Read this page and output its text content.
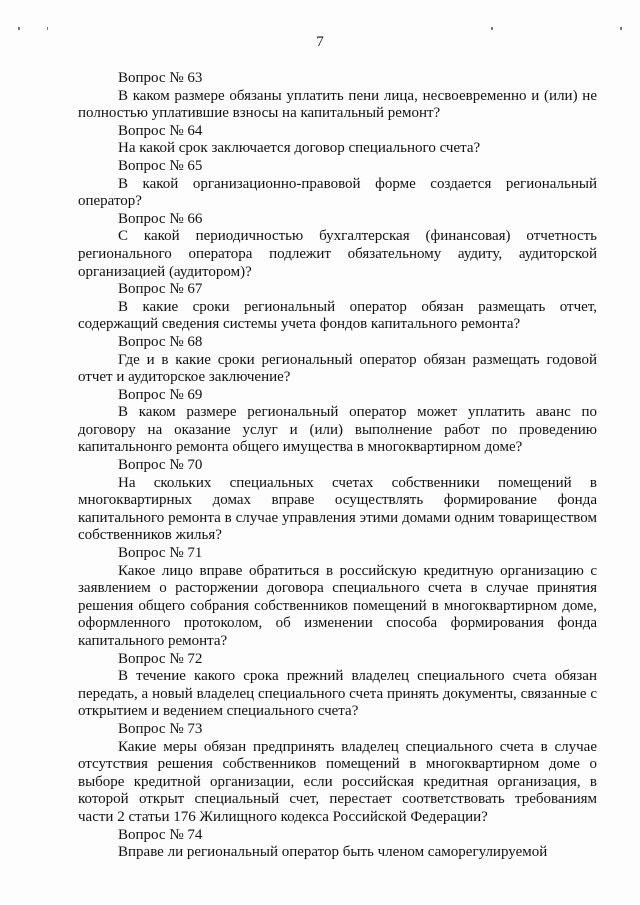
7

Вопрос № 63

В каком размере обязаны уплатить пени лица, несвоевременно и (или) не полностью уплатившие взносы на капитальный ремонт?

Вопрос № 64

На какой срок заключается договор специального счета?

Вопрос № 65

В какой организационно-правовой форме создается региональный оператор?

Вопрос № 66

С какой периодичностью бухгалтерская (финансовая) отчетность регионального оператора подлежит обязательному аудиту, аудиторской организацией (аудитором)?

Вопрос № 67

В какие сроки региональный оператор обязан размещать отчет, содержащий сведения системы учета фондов капитального ремонта?

Вопрос № 68

Где и в какие сроки региональный оператор обязан размещать годовой отчет и аудиторское заключение?

Вопрос № 69

В каком размере региональный оператор может уплатить аванс по договору на оказание услуг и (или) выполнение работ по проведению капитальнонго ремонта общего имущества в многоквартирном доме?

Вопрос № 70

На скольких специальных счетах собственники помещений в многоквартирных домах вправе осуществлять формирование фонда капитального ремонта в случае управления этими домами одним товариществом собственников жилья?

Вопрос № 71

Какое лицо вправе обратиться в российскую кредитную организацию с заявлением о расторжении договора специального счета в случае принятия решения общего собрания собственников помещений в многоквартирном доме, оформленного протоколом, об изменении способа формирования фонда капитального ремонта?

Вопрос № 72

В течение какого срока прежний владелец специального счета обязан передать, а новый владелец специального счета принять документы, связанные с открытием и ведением специального счета?

Вопрос № 73

Какие меры обязан предпринять владелец специального счета в случае отсутствия решения собственников помещений в многоквартирном доме о выборе кредитной организации, если российская кредитная организация, в которой открыт специальный счет, перестает соответствовать требованиям части 2 статьи 176 Жилищного кодекса Российской Федерации?

Вопрос № 74

Вправе ли региональный оператор быть членом саморегулируемой
